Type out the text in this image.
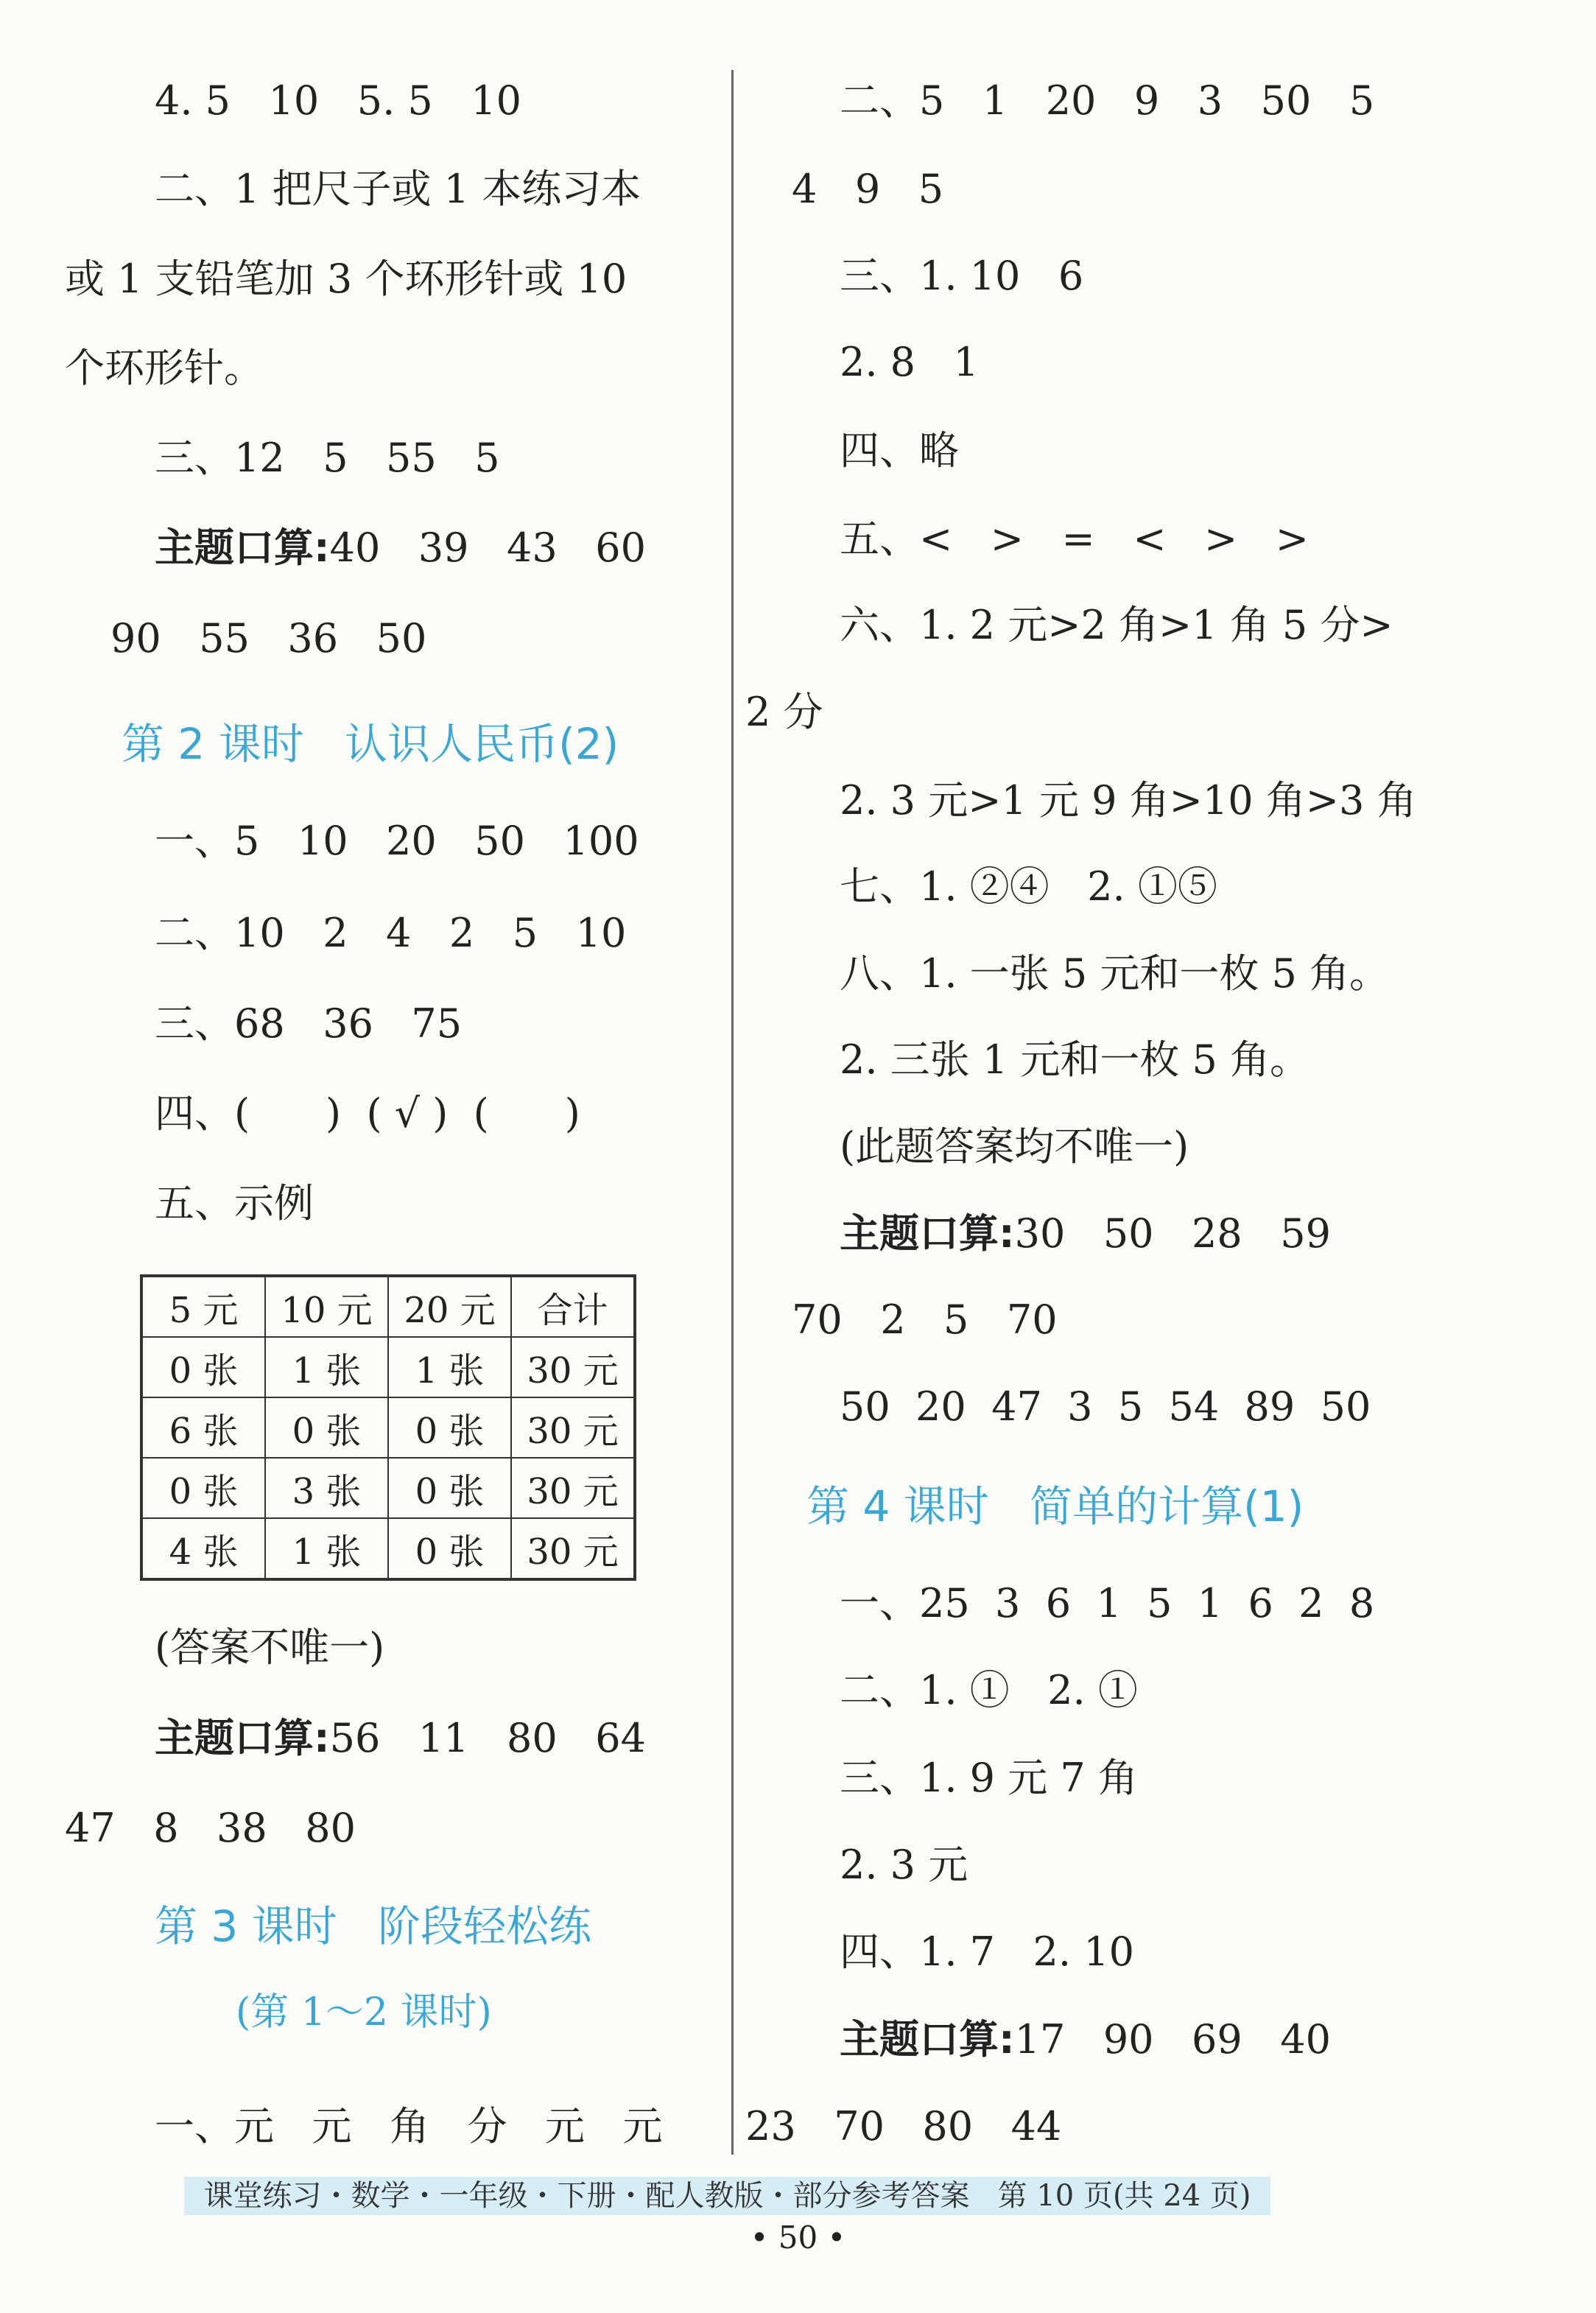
4. 5   10   5. 5   10
二、1 把尺子或 1 本练习本
或 1 支铅笔加 3 个环形针或 10
个环形针。
三、12   5   55   5
主题口算:40   39   43   60
90   55   36   50
第 2 课时   认识人民币(2)
一、5   10   20   50   100
二、10   2   4   2   5   10
三、68   36   75
四、(      )  ( √ )  (      )
五、示例
5 元	10 元	20 元	合计
0 张	1 张	1 张	30 元
6 张	0 张	0 张	30 元
0 张	3 张	0 张	30 元
4 张	1 张	0 张	30 元
(答案不唯一)
主题口算:56   11   80   64
47   8   38   80
第 3 课时   阶段轻松练
(第 1～2 课时)
一、元   元   角   分   元   元
二、5   1   20   9   3   50   5
4   9   5
三、1. 10   6
2. 8   1
四、略
五、<   >   =   <   >   >
六、1. 2 元>2 角>1 角 5 分>
2 分
2. 3 元>1 元 9 角>10 角>3 角
七、1. ②④   2. ①⑤
八、1. 一张 5 元和一枚 5 角。
2. 三张 1 元和一枚 5 角。
(此题答案均不唯一)
主题口算:30   50   28   59
70   2   5   70
50  20  47  3  5  54  89  50
第 4 课时   简单的计算(1)
一、25  3  6  1  5  1  6  2  8
二、1. ①   2. ①
三、1. 9 元 7 角
2. 3 元
四、1. 7   2. 10
主题口算:17   90   69   40
23   70   80   44
课堂练习・数学・一年级・下册・配人教版・部分参考答案   第 10 页(共 24 页)
• 50 •
